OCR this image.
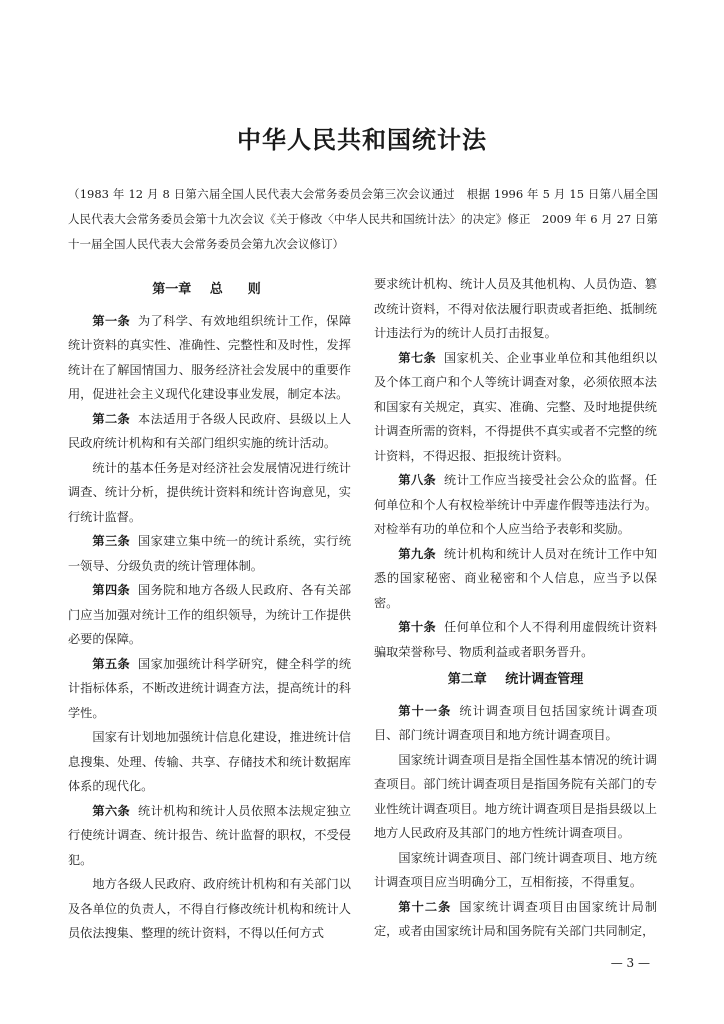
中华人民共和国统计法

（1983 年 12 月 8 日第六届全国人民代表大会常务委员会第三次会议通过　根据 1996 年 5 月 15 日第八届全国人民代表大会常务委员会第十九次会议《关于修改〈中华人民共和国统计法〉的决定》修正　2009 年 6 月 27 日第十一届全国人民代表大会常务委员会第九次会议修订）

第一章 总　则

第一条 为了科学、有效地组织统计工作，保障统计资料的真实性、准确性、完整性和及时性，发挥统计在了解国情国力、服务经济社会发展中的重要作用，促进社会主义现代化建设事业发展，制定本法。

第二条 本法适用于各级人民政府、县级以上人民政府统计机构和有关部门组织实施的统计活动。

统计的基本任务是对经济社会发展情况进行统计调查、统计分析，提供统计资料和统计咨询意见，实行统计监督。

第三条 国家建立集中统一的统计系统，实行统一领导、分级负责的统计管理体制。

第四条 国务院和地方各级人民政府、各有关部门应当加强对统计工作的组织领导，为统计工作提供必要的保障。

第五条 国家加强统计科学研究，健全科学的统计指标体系，不断改进统计调查方法，提高统计的科学性。

国家有计划地加强统计信息化建设，推进统计信息搜集、处理、传输、共享、存储技术和统计数据库体系的现代化。

第六条 统计机构和统计人员依照本法规定独立行使统计调查、统计报告、统计监督的职权，不受侵犯。

地方各级人民政府、政府统计机构和有关部门以及各单位的负责人，不得自行修改统计机构和统计人员依法搜集、整理的统计资料，不得以任何方式

要求统计机构、统计人员及其他机构、人员伪造、篡改统计资料，不得对依法履行职责或者拒绝、抵制统计违法行为的统计人员打击报复。

第七条 国家机关、企业事业单位和其他组织以及个体工商户和个人等统计调查对象，必须依照本法和国家有关规定，真实、准确、完整、及时地提供统计调查所需的资料，不得提供不真实或者不完整的统计资料，不得迟报、拒报统计资料。

第八条 统计工作应当接受社会公众的监督。任何单位和个人有权检举统计中弄虚作假等违法行为。对检举有功的单位和个人应当给予表彰和奖励。

第九条 统计机构和统计人员对在统计工作中知悉的国家秘密、商业秘密和个人信息，应当予以保密。

第十条 任何单位和个人不得利用虚假统计资料骗取荣誉称号、物质利益或者职务晋升。

第二章 统计调查管理

第十一条 统计调查项目包括国家统计调查项目、部门统计调查项目和地方统计调查项目。

国家统计调查项目是指全国性基本情况的统计调查项目。部门统计调查项目是指国务院有关部门的专业性统计调查项目。地方统计调查项目是指县级以上地方人民政府及其部门的地方性统计调查项目。

国家统计调查项目、部门统计调查项目、地方统计调查项目应当明确分工，互相衔接，不得重复。

第十二条 国家统计调查项目由国家统计局制定，或者由国家统计局和国务院有关部门共同制定，

— 3 —
